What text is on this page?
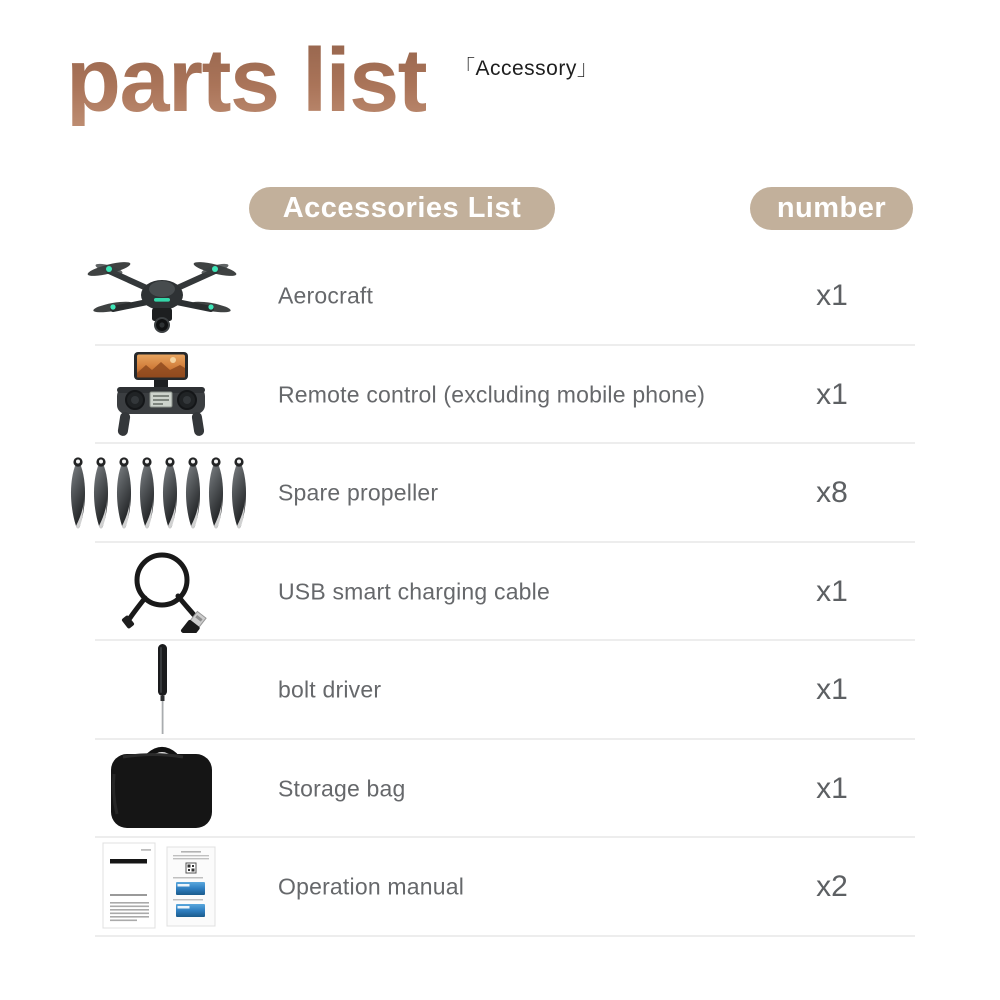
parts list 「Accessory」
Accessories List	number
Aerocraft	x1
Remote control (excluding mobile phone)	x1
Spare propeller	x8
USB smart charging cable	x1
bolt driver	x1
Storage bag	x1
Operation manual	x2
